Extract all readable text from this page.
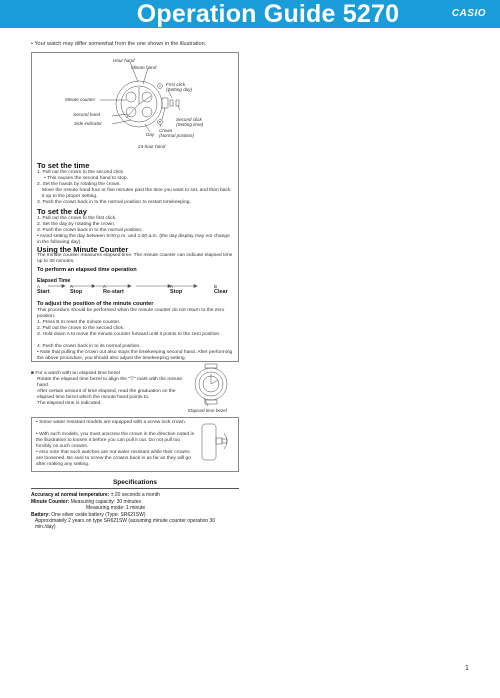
Operation Guide 5270	CASIO
• Your watch may differ somewhat from the one shown in the illustration.
A
B
Hour hand
Minute hand
First click
(Setting day)
Minute counter
Second hand
Side indicator
Second click
(Setting time)
Crown
(Normal position)
Day
24-hour hand
To set the time
1. Pull out the crown to the second click.
• This causes the second hand to stop.
2. Set the hands by rotating the crown.
Move the minute hand four or five minutes past the time you want to set, and then back it up to the proper setting.
3. Push the crown back in to the normal position to restart timekeeping.
To set the day
1. Pull out the crown to the first click.
2. Set the day by rotating the crown.
3. Push the crown back in to the normal position.
• Avoid setting the day between 9:00 p.m. and 1:00 a.m. (the day display may not change in the following day).
Using the Minute Counter
The minute counter measures elapsed time. The minute counter can indicate elapsed time up to 30 minutes.
To perform an elapsed time operation
Elapsed Time
A
Start
A
Stop
A
Re-start
A
Stop
B
Clear
To adjust the position of the minute counter
This procedure should be performed when the minute counter do not return to the zero position.
1. Press B to reset the minute counter.
2. Pull out the crown to the second click.
3. Hold down A to move the minute counter forward until it points to the zero position.
4. Push the crown back in to its normal position.
• Note that pulling the crown out also stops the timekeeping second hand. After performing the above procedure, you should also adjust the timekeeping setting.
■ For a watch with an elapsed time bezel
Rotate the elapsed time bezel to align the "▽" mark with the minute hand.
After certain amount of time elapsed, read the graduation on the elapsed time bezel which the minute hand points to.
The elapsed time is indicated.
Elapsed time bezel
• Some water resistant models are equipped with a screw lock crown.
• With such models, you must unscrew the crown in the direction noted in the illustration to loosen it before you can pull it out. Do not pull too forcibly on such crowns.
• Also note that such watches are not water resistant while their crowns are loosened. Be sure to screw the crowns back in as far as they will go after making any setting.
Specifications
Accuracy at normal temperature: ± 20 seconds a month
Minute Counter: Measuring capacity: 30 minutes
Measuring mode: 1 minute
Battery: One silver oxide battery (Type: SR621SW)
Approximately 2 years on type SR621SW (assuming minute counter operation 30 min./day)
1
